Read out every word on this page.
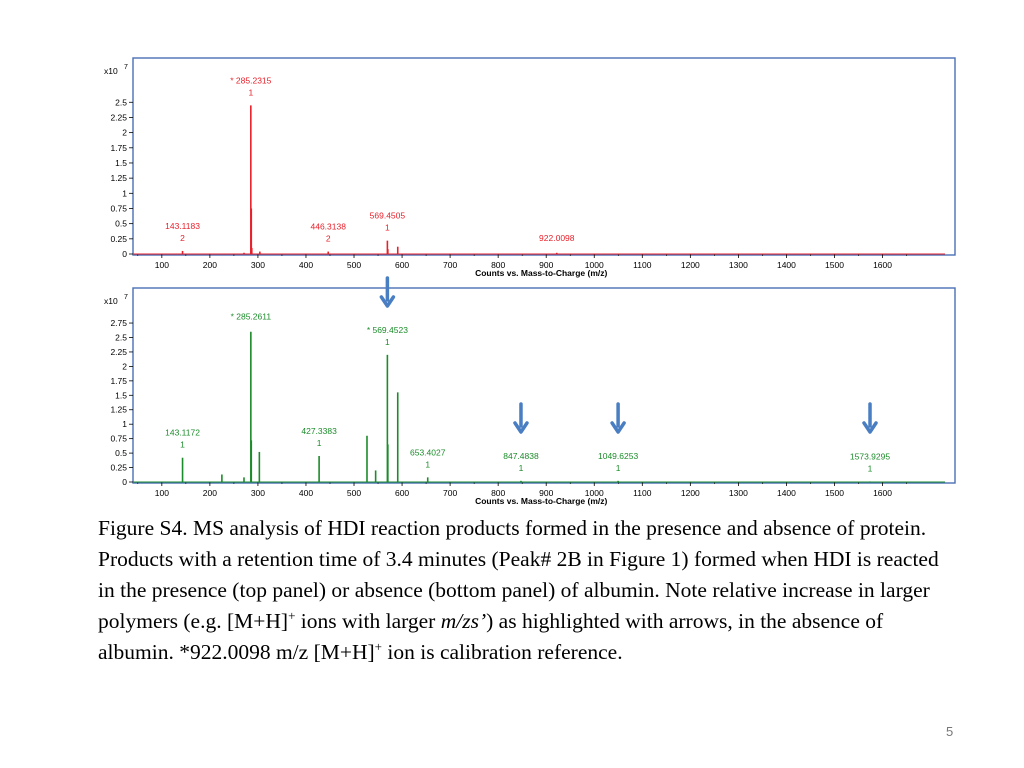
x10 7
0
0.25
0.5
0.75
1
1.25
1.5
1.75
2
2.25
2.5
100	200	300	400	500	600	700	800	900	1000	1100	1200	1300	1400	1500	1600
Counts vs. Mass-to-Charge (m/z)
* 285.2315
1
143.1183
2
446.3138
2
569.4505
1
922.0098
x10 7
0
0.25
0.5
0.75
1
1.25
1.5
1.75
2
2.25
2.5
2.75
100	200	300	400	500	600	700	800	900	1000	1100	1200	1300	1400	1500	1600
Counts vs. Mass-to-Charge (m/z)
* 285.2611
* 569.4523
1
143.1172
1
427.3383
1
653.4027
1
847.4838
1
1049.6253
1
1573.9295
1

Figure S4. MS analysis of HDI reaction products formed in the presence and absence of protein. Products with a retention time of 3.4 minutes (Peak# 2B in Figure 1) formed when HDI is reacted in the presence (top panel) or absence (bottom panel) of albumin. Note relative increase in larger polymers (e.g. [M+H]+ ions with larger m/zs’) as highlighted with arrows, in the absence of albumin. *922.0098 m/z [M+H]+ ion is calibration reference.

5
